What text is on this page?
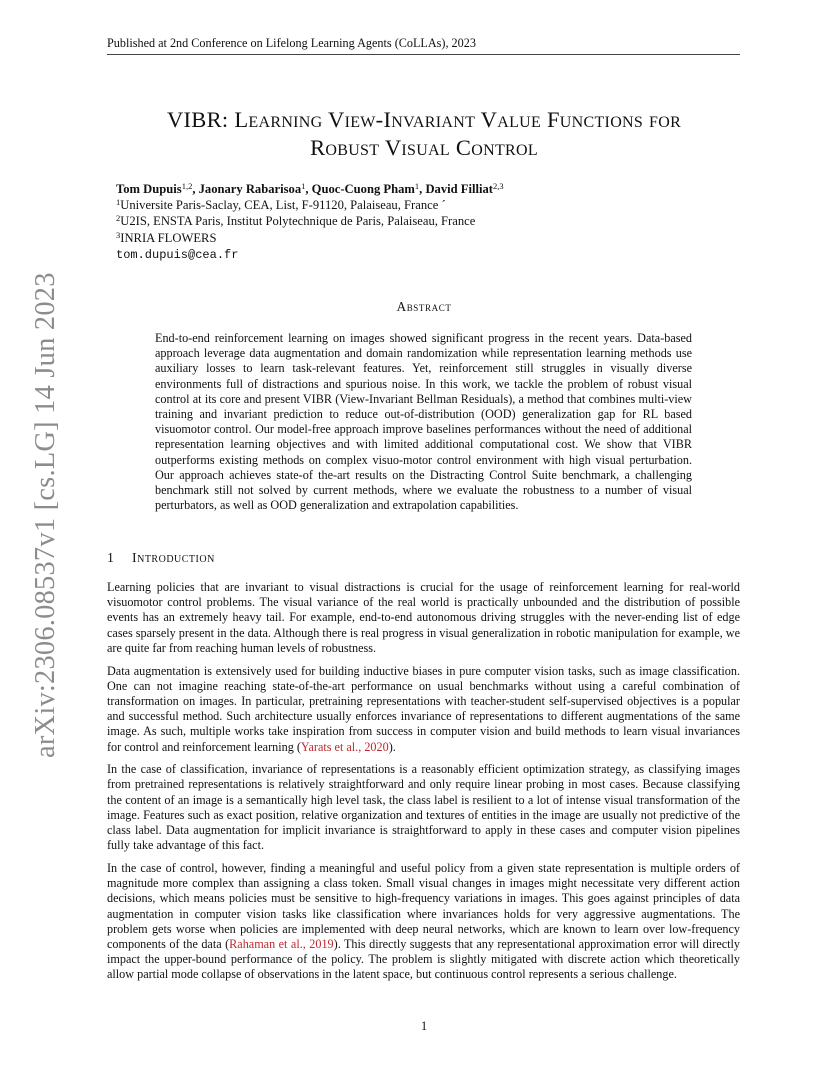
Published at 2nd Conference on Lifelong Learning Agents (CoLLAs), 2023
arXiv:2306.08537v1 [cs.LG] 14 Jun 2023
VIBR: Learning View-Invariant Value Functions for
Robust Visual Control
Tom Dupuis$^{1,2}$, Jaonary Rabarisoa$^1$, Quoc-Cuong Pham$^1$, David Filliat$^{2,3}$
$^1$Universite Paris-Saclay, CEA, List, F-91120, Palaiseau, France ´
$^2$U2IS, ENSTA Paris, Institut Polytechnique de Paris, Palaiseau, France
$^3$INRIA FLOWERS
tom.dupuis@cea.fr
Abstract
End-to-end reinforcement learning on images showed significant progress in the recent years. Data-based approach leverage data augmentation and domain randomization while representation learning methods use auxiliary losses to learn task-relevant features. Yet, reinforcement still struggles in visually diverse environments full of distractions and spurious noise. In this work, we tackle the problem of robust visual control at its core and present VIBR (View-Invariant Bellman Residuals), a method that combines multi-view training and invariant prediction to reduce out-of-distribution (OOD) generalization gap for RL based visuomotor control. Our model-free approach improve baselines performances without the need of additional representation learning objectives and with limited additional computational cost. We show that VIBR outperforms existing methods on complex visuo-motor control environment with high visual perturbation. Our approach achieves state-of the-art results on the Distracting Control Suite benchmark, a challenging benchmark still not solved by current methods, where we evaluate the robustness to a number of visual perturbators, as well as OOD generalization and extrapolation capabilities.
1 Introduction

Learning policies that are invariant to visual distractions is crucial for the usage of reinforcement learning for real-world visuomotor control problems. The visual variance of the real world is practically unbounded and the distribution of possible events has an extremely heavy tail. For example, end-to-end autonomous driving struggles with the never-ending list of edge cases sparsely present in the data. Although there is real progress in visual generalization in robotic manipulation for example, we are quite far from reaching human levels of robustness.

Data augmentation is extensively used for building inductive biases in pure computer vision tasks, such as image classification. One can not imagine reaching state-of-the-art performance on usual benchmarks without using a careful combination of transformation on images. In particular, pretraining representations with teacher-student self-supervised objectives is a popular and successful method. Such architecture usually enforces invariance of representations to different augmentations of the same image. As such, multiple works take inspiration from success in computer vision and build methods to learn visual invariances for control and reinforcement learning (Yarats et al., 2020).

In the case of classification, invariance of representations is a reasonably efficient optimization strategy, as classifying images from pretrained representations is relatively straightforward and only require linear probing in most cases. Because classifying the content of an image is a semantically high level task, the class label is resilient to a lot of intense visual transformation of the image. Features such as exact position, relative organization and textures of entities in the image are usually not predictive of the class label. Data augmentation for implicit invariance is straightforward to apply in these cases and computer vision pipelines fully take advantage of this fact.

In the case of control, however, finding a meaningful and useful policy from a given state representation is multiple orders of magnitude more complex than assigning a class token. Small visual changes in images might necessitate very different action decisions, which means policies must be sensitive to high-frequency variations in images. This goes against principles of data augmentation in computer vision tasks like classification where invariances holds for very aggressive augmentations. The problem gets worse when policies are implemented with deep neural networks, which are known to learn over low-frequency components of the data (Rahaman et al., 2019). This directly suggests that any representational approximation error will directly impact the upper-bound performance of the policy. The problem is slightly mitigated with discrete action which theoretically allow partial mode collapse of observations in the latent space, but continuous control represents a serious challenge.

1
